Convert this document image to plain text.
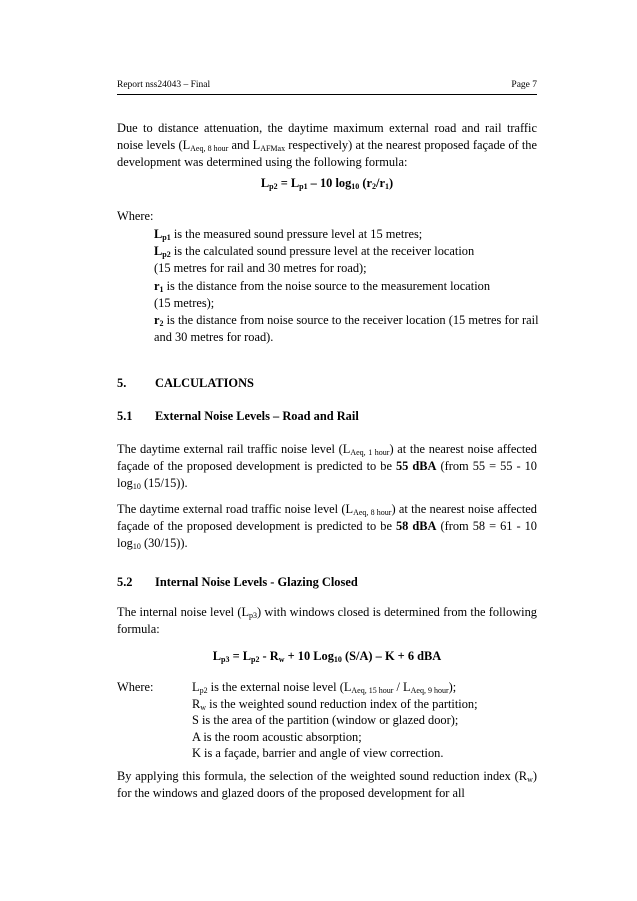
Report nss24043 – Final	Page 7

Due to distance attenuation, the daytime maximum external road and rail traffic noise levels ($L_{Aeq, 8 hour}$ and $L_{AFMax}$ respectively) at the nearest proposed façade of the development was determined using the following formula:

$L_{p2} = L_{p1} - 10$ $\log_{10} (r_2/r_1)$

Where:

$L_{p1}$ is the measured sound pressure level at 15 metres;
$L_{p2}$ is the calculated sound pressure level at the receiver location
(15 metres for rail and 30 metres for road);
$r_1$ is the distance from the noise source to the measurement location
(15 metres);
$r_2$ is the distance from noise source to the receiver location (15 metres for rail and 30 metres for road).
5. CALCULATIONS
5.1 External Noise Levels – Road and Rail

The daytime external rail traffic noise level $(L_{Aeq, 1 hour})$ at the nearest noise affected façade of the proposed development is predicted to be 55 dBA (from 55 = 55 - 10 $\log_{10} (15/15)$).

The daytime external road traffic noise level $(L_{Aeq, 8 hour})$ at the nearest noise affected façade of the proposed development is predicted to be 58 dBA (from 58 = 61 - 10 $\log_{10} (30/15)$).

5.2 Internal Noise Levels - Glazing Closed

The internal noise level $(L_{p3})$ with windows closed is determined from the following formula:

$L_{p3} = L_{p2} - R_w + 10$ Log$_{10}$ (S/A) – K + 6 dBA

Where:	$L_{p2}$ is the external noise level $(L_{Aeq, 15 hour} / L_{Aeq, 9 hour})$;
$R_w$ is the weighted sound reduction index of the partition;
S is the area of the partition (window or glazed door);
A is the room acoustic absorption;
K is a façade, barrier and angle of view correction.

By applying this formula, the selection of the weighted sound reduction index $(R_w)$ for the windows and glazed doors of the proposed development for all
